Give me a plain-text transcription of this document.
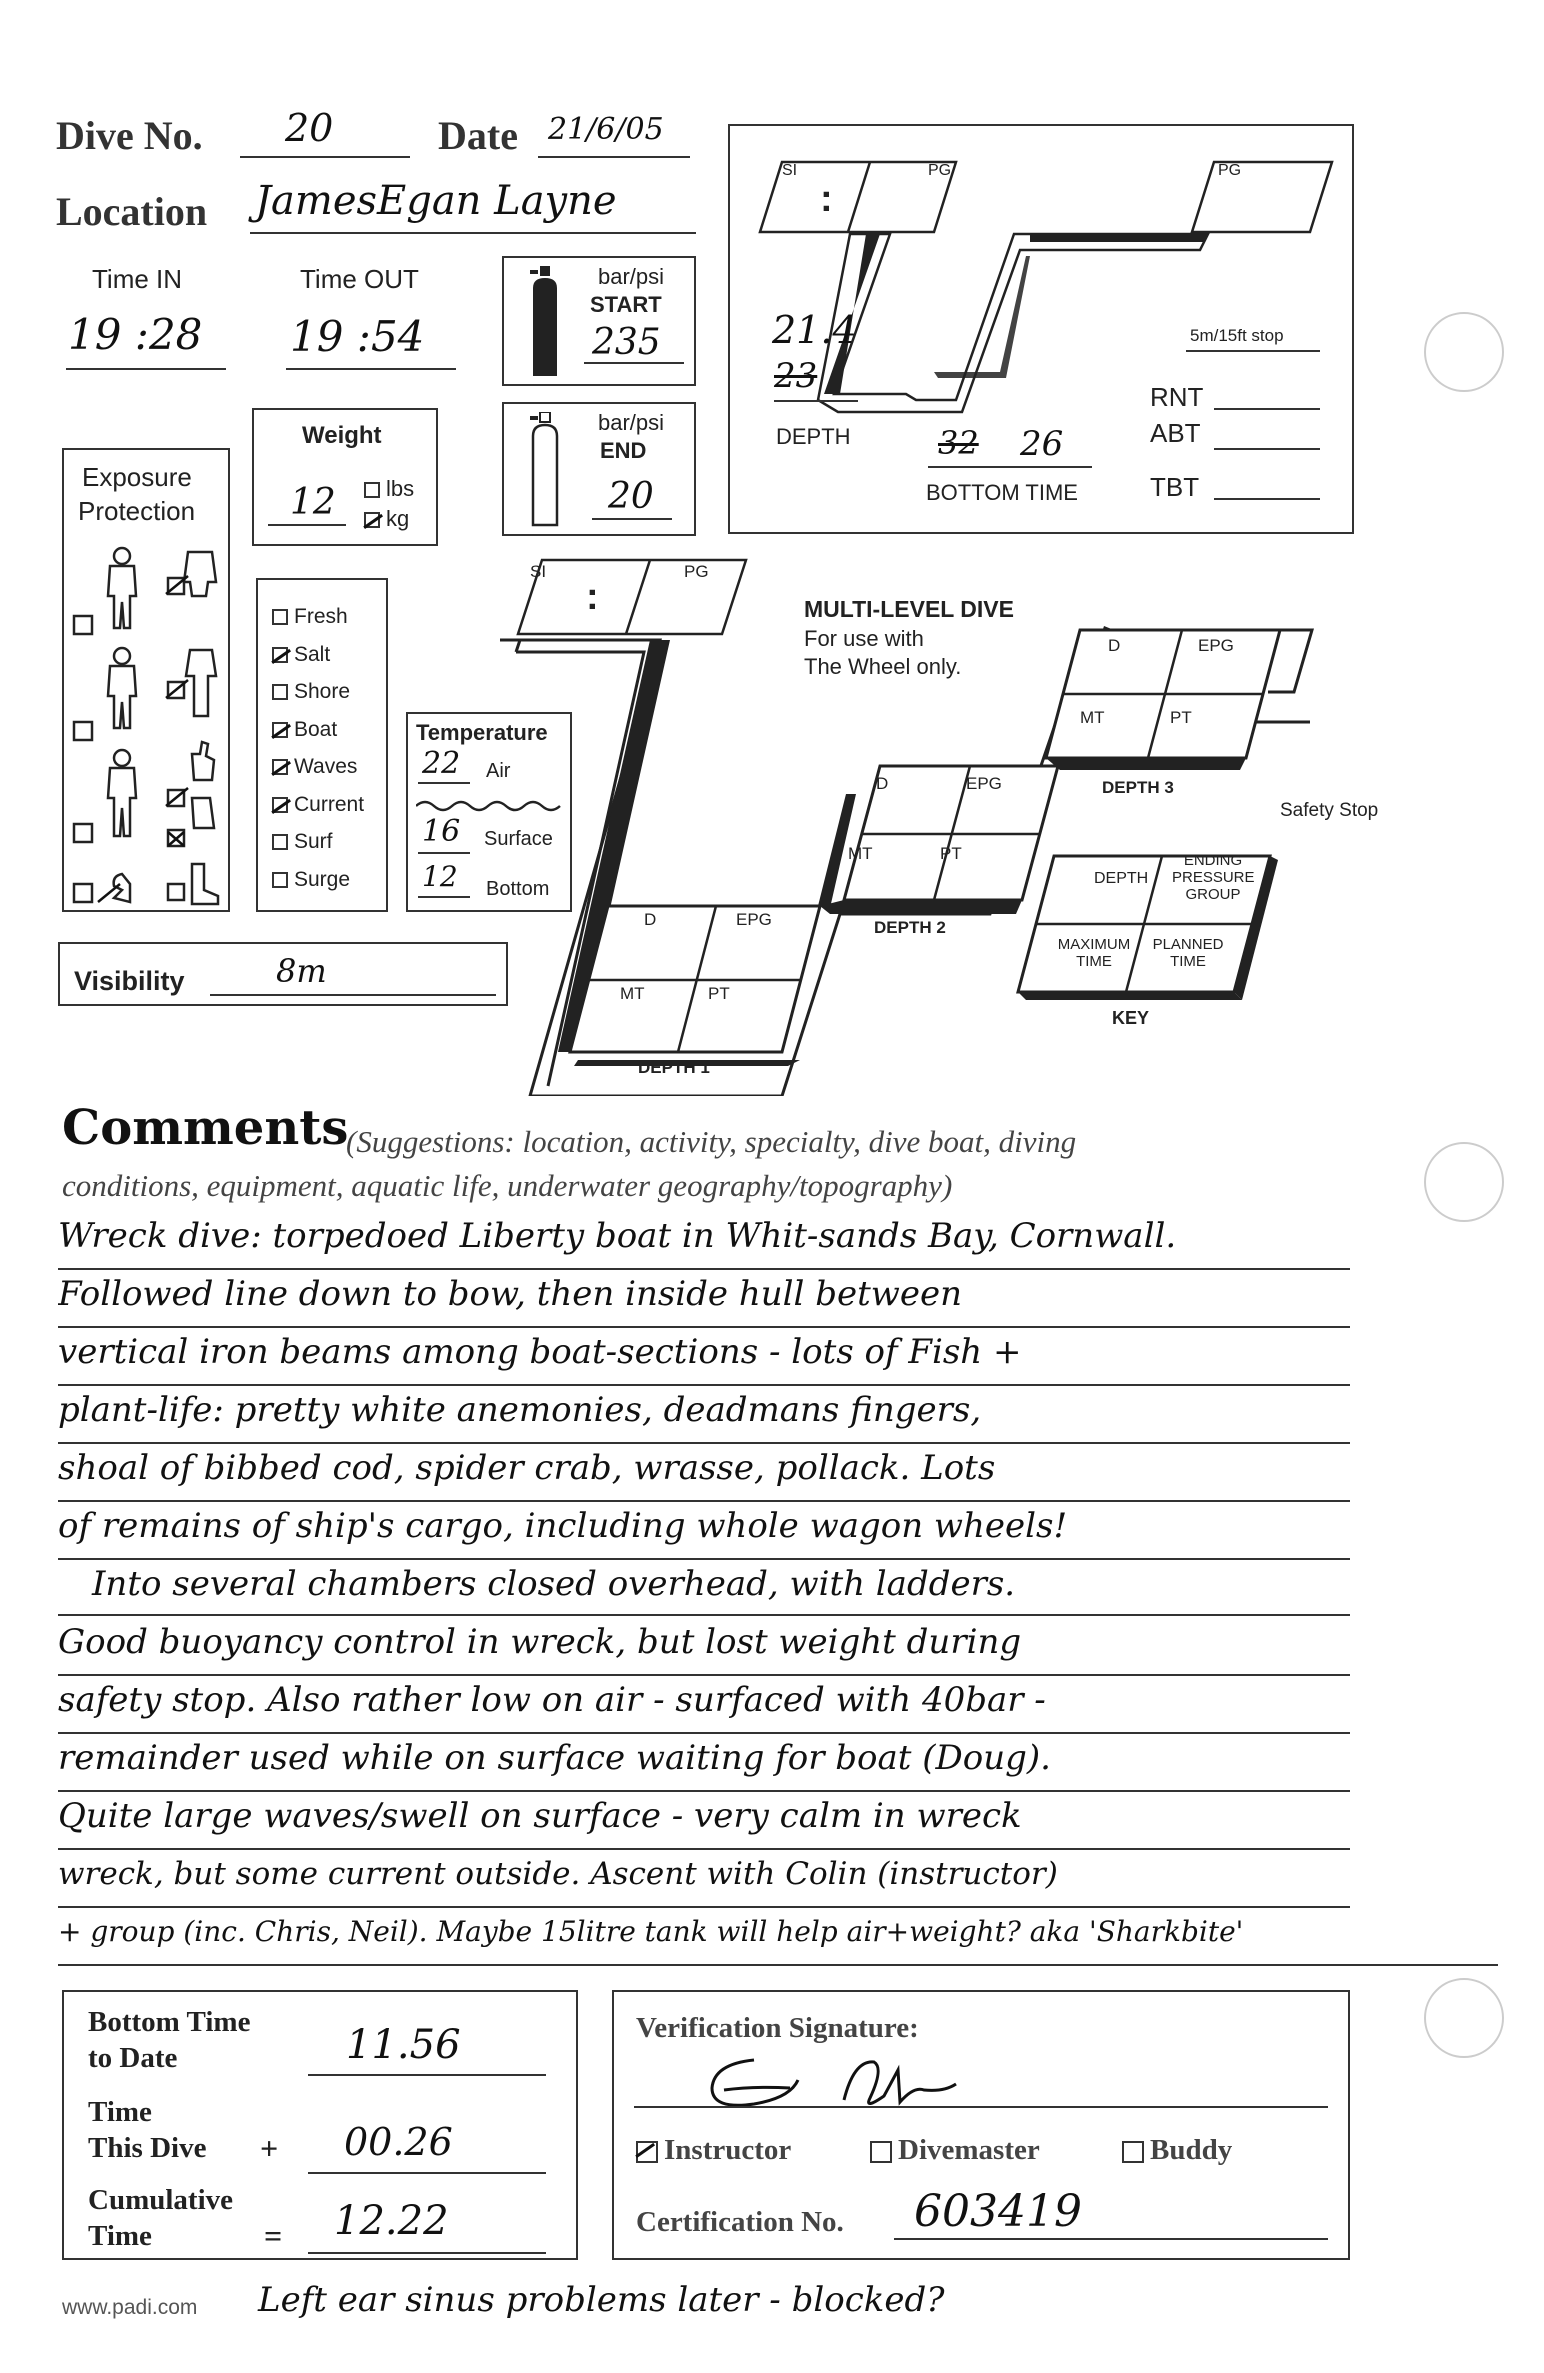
Dive No. 20	Date 21/6/05
Location JamesEgan Layne
Time IN
19 :28
Time OUT
19 :54
bar/psi
START
235
bar/psi
END
20
Weight
12	lbs
kg
Exposure
Protection
Fresh
Salt
Shore
Boat
Waves
Current
Surf
Surge
Temperature
22 Air
16 Surface
12 Bottom
Visibility	8m
SI
:
PG	PG
21.4
23
DEPTH	32 26
BOTTOM TIME
5m/15ft stop
RNT
ABT
TBT
SI
:
PG
MULTI-LEVEL DIVE
For use with
The Wheel only.
D	EPG
MT	PT
DEPTH 1
D	EPG
MT	PT
DEPTH 2
D	EPG
MT	PT
DEPTH 3
Safety Stop
DEPTH
ENDING PRESSURE GROUP
MAXIMUM TIME
PLANNED TIME
KEY
Comments
(Suggestions: location, activity, specialty, dive boat, diving
conditions, equipment, aquatic life, underwater geography/topography)
Wreck dive: torpedoed Liberty boat in Whit-sands Bay, Cornwall.
Followed line down to bow, then inside hull between
vertical iron beams among boat-sections - lots of Fish +
plant-life: pretty white anemonies, deadmans fingers,
shoal of bibbed cod, spider crab, wrasse, pollack. Lots
of remains of ship's cargo, including whole wagon wheels!
Into several chambers closed overhead, with ladders.
Good buoyancy control in wreck, but lost weight during
safety stop. Also rather low on air - surfaced with 40bar -
remainder used while on surface waiting for boat (Doug).
Quite large waves/swell on surface - very calm in wreck
wreck, but some current outside. Ascent with Colin (instructor)
+ group (inc. Chris, Neil). Maybe 15litre tank will help air+weight? aka 'Sharkbite'
Bottom Time
to Date	11.56
Time
This Dive + 00.26
Cumulative
Time	= 12.22
Verification Signature:
Instructor	Divemaster	Buddy
Certification No. 603419
www.padi.com Left ear sinus problems later - blocked?
